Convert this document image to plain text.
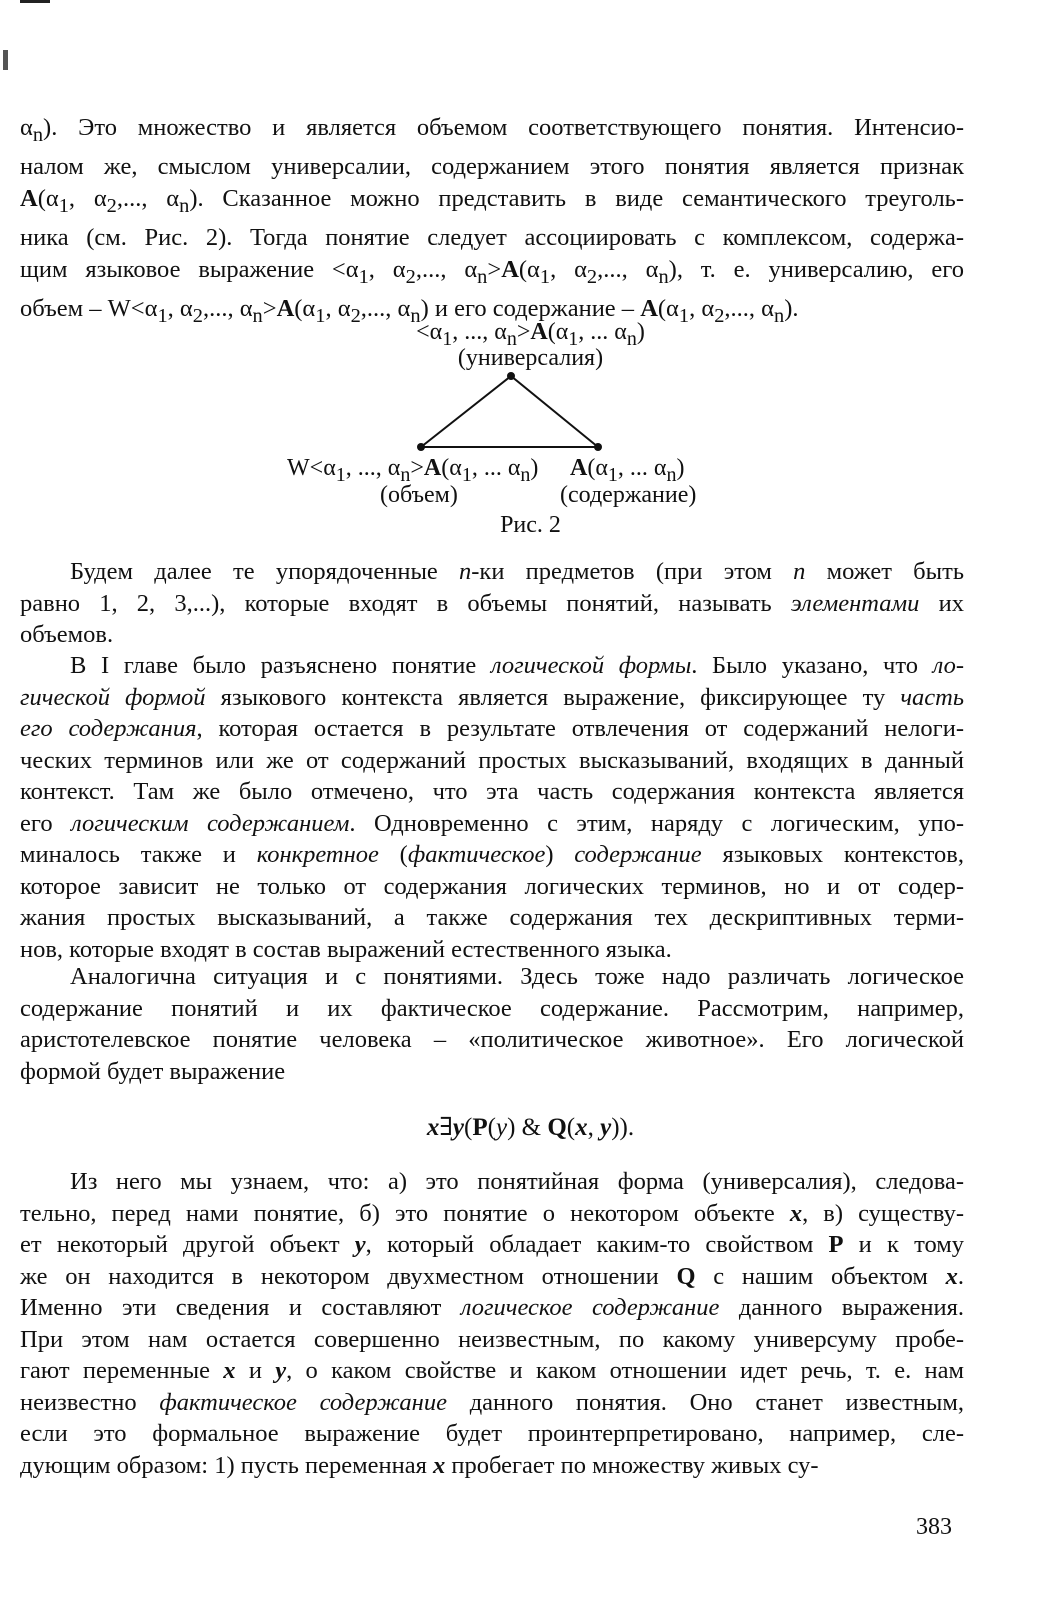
$\alpha_n$). Это множество и является объемом соответствующего понятия. Интенсио-
налом же, смыслом универсалии, содержанием этого понятия является признак
$A(\alpha_1$, $\alpha_2$,..., $\alpha_n$). Сказанное можно представить в виде семантического треуголь-
ника (см. Рис. 2). Тогда понятие следует ассоциировать с комплексом, содержа-
щим языковое выражение $<\alpha_1$, $\alpha_2$,..., $\alpha_n>A(\alpha_1$, $\alpha_2$,..., $\alpha_n$), т. е. универсалию, его
объем – $W<\alpha_1$, $\alpha_2$,..., $\alpha_n>A(\alpha_1$, $\alpha_2$,..., $\alpha_n$) и его содержание – $A(\alpha_1$, $\alpha_2$,..., $\alpha_n$).
$<\alpha_1$, ..., $\alpha_n>A(\alpha_1$, ... $\alpha_n$)
(универсалия)
$W<\alpha_1$, ..., $\alpha_n>A(\alpha_1$, ... $\alpha_n$) $A(\alpha_1$, ... $\alpha_n$)
(объем)	(содержание)
Рис. 2
Будем далее те упорядоченные n-ки предметов (при этом n может быть
равно 1, 2, 3,...), которые входят в объемы понятий, называть элементами их
объемов.
В I главе было разъяснено понятие логической формы. Было указано, что ло-
гической формой языкового контекста является выражение, фиксирующее ту часть
его содержания, которая остается в результате отвлечения от содержаний нелоги-
ческих терминов или же от содержаний простых высказываний, входящих в данный
контекст. Там же было отмечено, что эта часть содержания контекста является
его логическим содержанием. Одновременно с этим, наряду с логическим, упо-
миналось также и конкретное (фактическое) содержание языковых контекстов,
которое зависит не только от содержания логических терминов, но и от содер-
жания простых высказываний, а также содержания тех дескриптивных терми-
нов, которые входят в состав выражений естественного языка.
Аналогична ситуация и с понятиями. Здесь тоже надо различать логическое
содержание понятий и их фактическое содержание. Рассмотрим, например,
аристотелевское понятие человека – «политическое животное». Его логической
формой будет выражение
x∃y(P(y) & Q(x, y)).
Из него мы узнаем, что: а) это понятийная форма (универсалия), следова-
тельно, перед нами понятие, б) это понятие о некотором объекте x, в) существу-
ет некоторый другой объект y, который обладает каким-то свойством P и к тому
же он находится в некотором двухместном отношении Q с нашим объектом x.
Именно эти сведения и составляют логическое содержание данного выражения.
При этом нам остается совершенно неизвестным, по какому универсуму пробе-
гают переменные x и y, о каком свойстве и каком отношении идет речь, т. е. нам
неизвестно фактическое содержание данного понятия. Оно станет известным,
если это формальное выражение будет проинтерпретировано, например, сле-
дующим образом: 1) пусть переменная x пробегает по множеству живых су-
383
